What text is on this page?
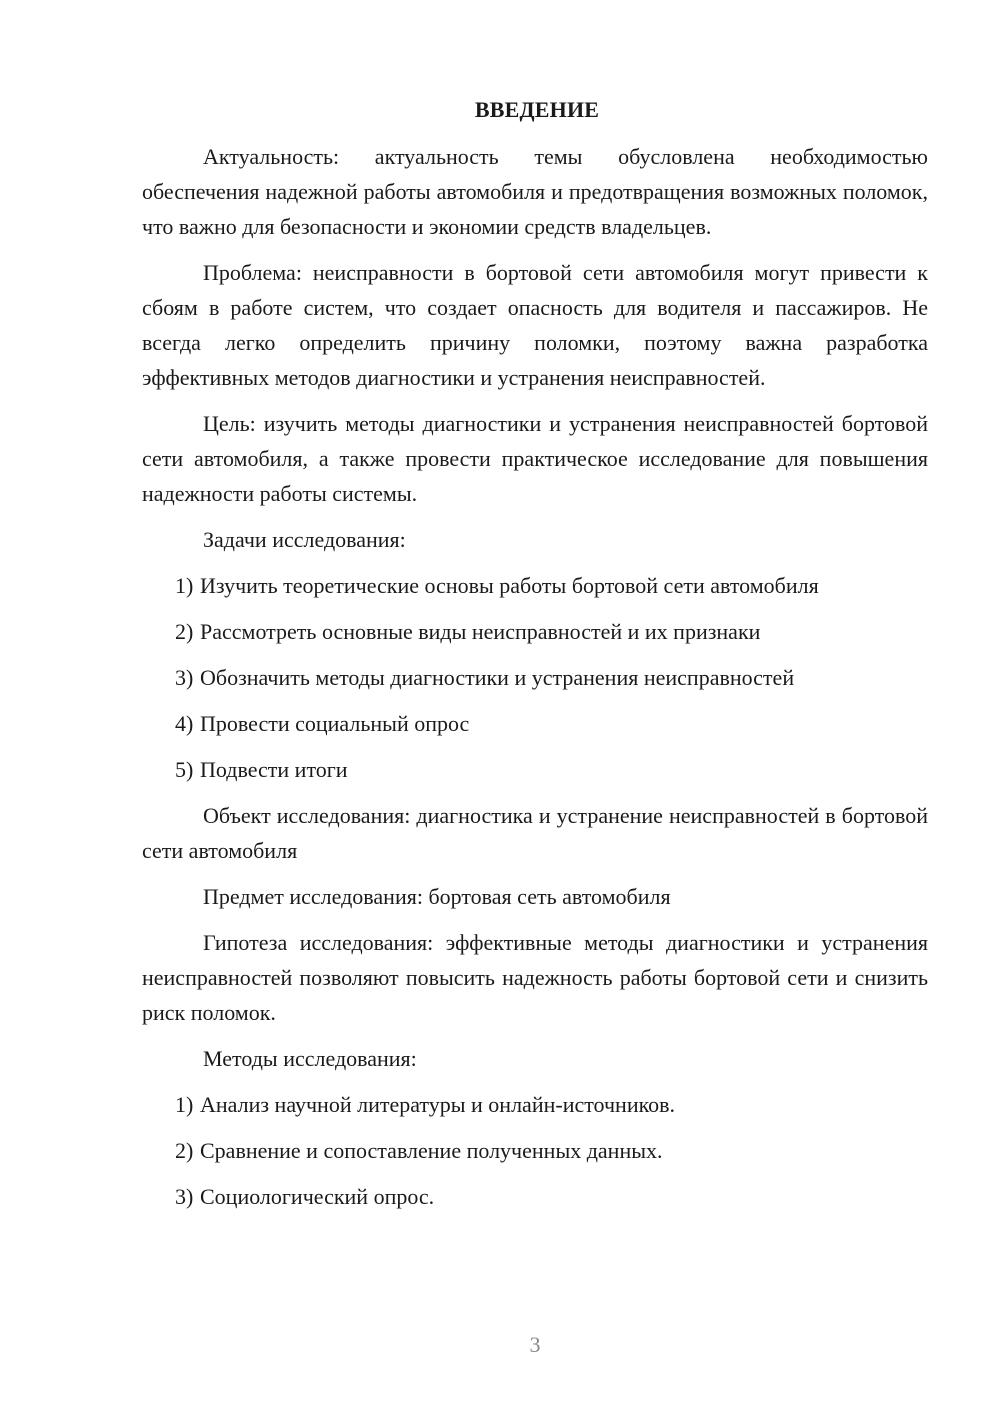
ВВЕДЕНИЕ

Актуальность: актуальность темы обусловлена необходимостью обеспечения надежной работы автомобиля и предотвращения возможных поломок, что важно для безопасности и экономии средств владельцев.

Проблема: неисправности в бортовой сети автомобиля могут привести к сбоям в работе систем, что создает опасность для водителя и пассажиров. Не всегда легко определить причину поломки, поэтому важна разработка эффективных методов диагностики и устранения неисправностей.

Цель: изучить методы диагностики и устранения неисправностей бортовой сети автомобиля, а также провести практическое исследование для повышения надежности работы системы.

Задачи исследования:

1) Изучить теоретические основы работы бортовой сети автомобиля
2) Рассмотреть основные виды неисправностей и их признаки
3) Обозначить методы диагностики и устранения неисправностей
4) Провести социальный опрос
5) Подвести итоги

Объект исследования: диагностика и устранение неисправностей в бортовой сети автомобиля

Предмет исследования: бортовая сеть автомобиля

Гипотеза исследования: эффективные методы диагностики и устранения неисправностей позволяют повысить надежность работы бортовой сети и снизить риск поломок.

Методы исследования:

1) Анализ научной литературы и онлайн-источников.
2) Сравнение и сопоставление полученных данных.
3) Социологический опрос.
3
